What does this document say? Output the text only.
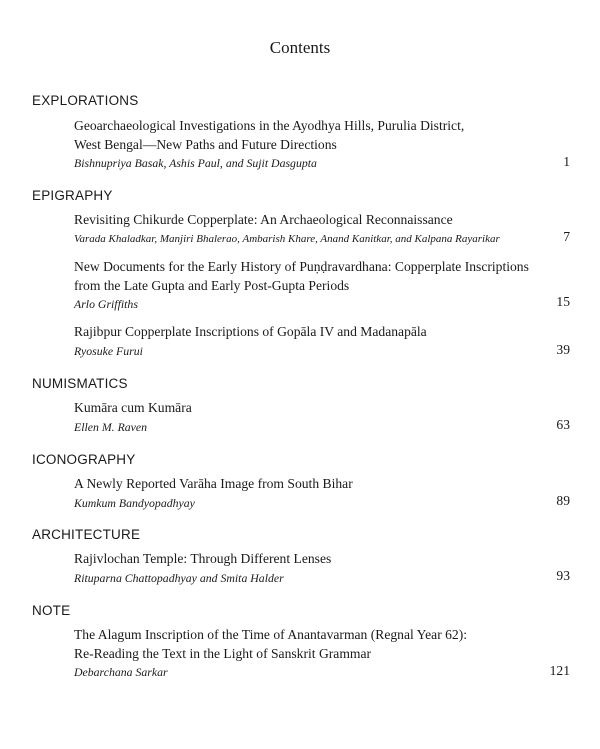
Contents
EXPLORATIONS
Geoarchaeological Investigations in the Ayodhya Hills, Purulia District,
West Bengal—New Paths and Future Directions
Bishnupriya Basak, Ashis Paul, and Sujit Dasgupta	1
EPIGRAPHY
Revisiting Chikurde Copperplate: An Archaeological Reconnaissance
Varada Khaladkar, Manjiri Bhalerao, Ambarish Khare, Anand Kanitkar, and Kalpana Rayarikar	7
New Documents for the Early History of Puṇḍravardhana: Copperplate Inscriptions
from the Late Gupta and Early Post-Gupta Periods
Arlo Griffiths	15
Rajibpur Copperplate Inscriptions of Gopāla IV and Madanapāla
Ryosuke Furui	39
NUMISMATICS
Kumāra cum Kumāra
Ellen M. Raven	63
ICONOGRAPHY
A Newly Reported Varāha Image from South Bihar
Kumkum Bandyopadhyay	89
ARCHITECTURE
Rajivlochan Temple: Through Different Lenses
Rituparna Chattopadhyay and Smita Halder	93
NOTE
The Alagum Inscription of the Time of Anantavarman (Regnal Year 62):
Re-Reading the Text in the Light of Sanskrit Grammar
Debarchana Sarkar	121
